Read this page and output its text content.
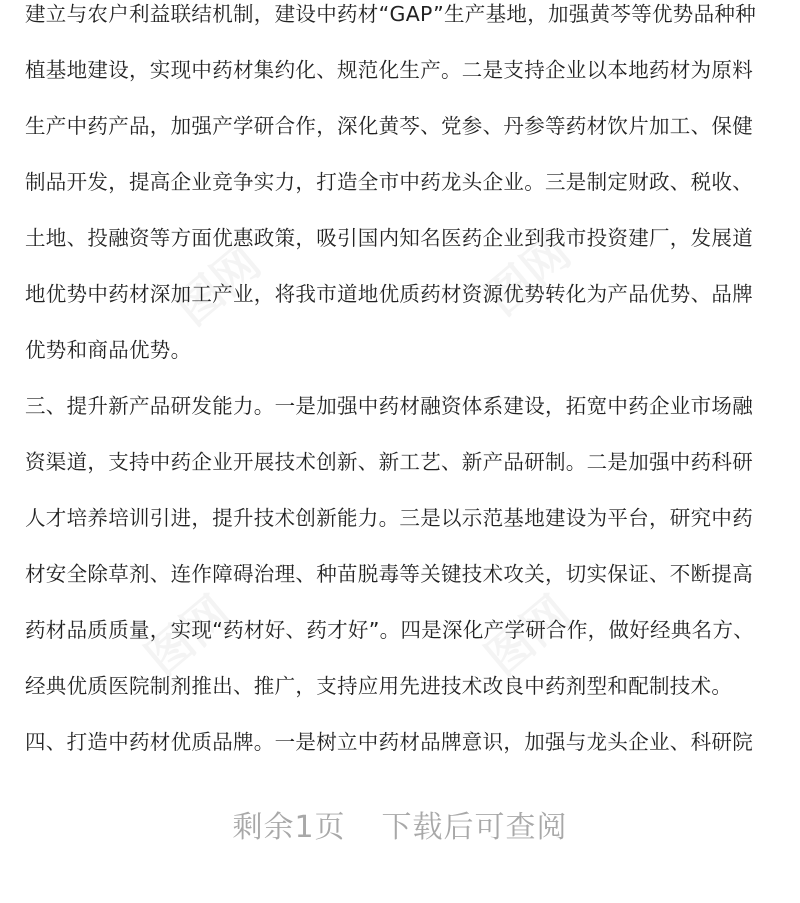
图网	图网
图网	图网
建立与农户利益联结机制，建设中药材“GAP”生产基地，加强黄芩等优势品种种
植基地建设，实现中药材集约化、规范化生产。二是支持企业以本地药材为原料
生产中药产品，加强产学研合作，深化黄芩、党参、丹参等药材饮片加工、保健
制品开发，提高企业竞争实力，打造全市中药龙头企业。三是制定财政、税收、
土地、投融资等方面优惠政策，吸引国内知名医药企业到我市投资建厂，发展道
地优势中药材深加工产业，将我市道地优质药材资源优势转化为产品优势、品牌
优势和商品优势。
三、提升新产品研发能力。一是加强中药材融资体系建设，拓宽中药企业市场融
资渠道，支持中药企业开展技术创新、新工艺、新产品研制。二是加强中药科研
人才培养培训引进，提升技术创新能力。三是以示范基地建设为平台，研究中药
材安全除草剂、连作障碍治理、种苗脱毒等关键技术攻关，切实保证、不断提高
药材品质质量，实现“药材好、药才好”。四是深化产学研合作，做好经典名方、
经典优质医院制剂推出、推广，支持应用先进技术改良中药剂型和配制技术。
四、打造中药材优质品牌。一是树立中药材品牌意识，加强与龙头企业、科研院
剩余1页 下载后可查阅
